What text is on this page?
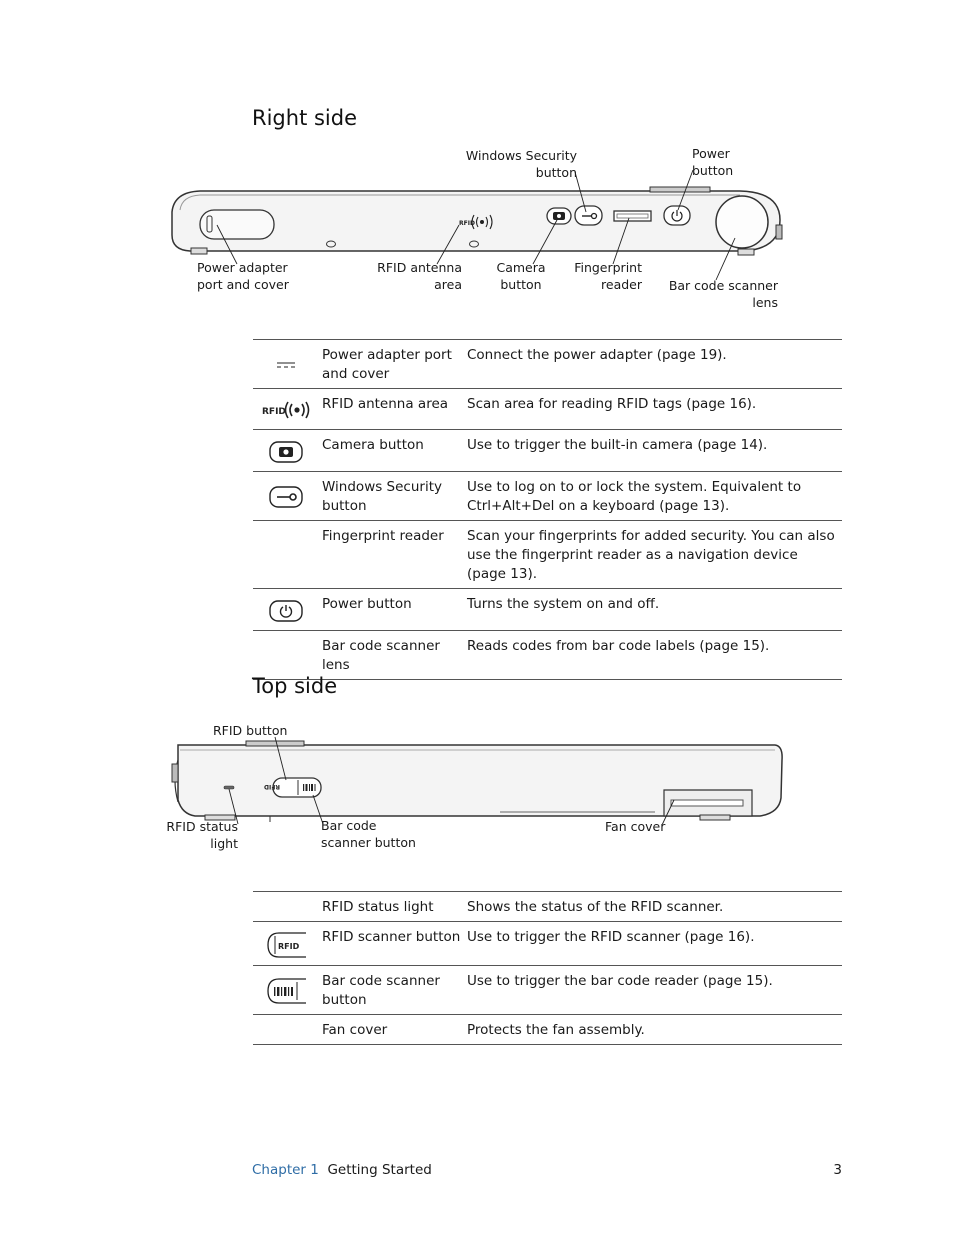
Right side
RFID
Windows Security
button
Power
button
Power adapter
port and cover
RFID antenna
area
Camera
button
Fingerprint
reader	Bar code scanner
lens
	Power adapter port and cover	Connect the power adapter (page 19).

RFID	RFID antenna area	Scan area for reading RFID tags (page 16).
	Camera button	Use to trigger the built-in camera (page 14).
	Windows Security button	Use to log on to or lock the system. Equivalent to Ctrl+Alt+Del on a keyboard (page 13).
	Fingerprint reader	Scan your fingerprints for added security. You can also use the fingerprint reader as a navigation device (page 13).
	Power button	Turns the system on and off.
	Bar code scanner lens	Reads codes from bar code labels (page 15).
Top side
RFID
RFID button
RFID status
light
Bar code
scanner button
Fan cover
	RFID status light	Shows the status of the RFID scanner.

RFID	RFID scanner button	Use to trigger the RFID scanner (page 16).
	Bar code scanner button	Use to trigger the bar code reader (page 15).
	Fan cover	Protects the fan assembly.
Chapter 1 Getting Started	3
